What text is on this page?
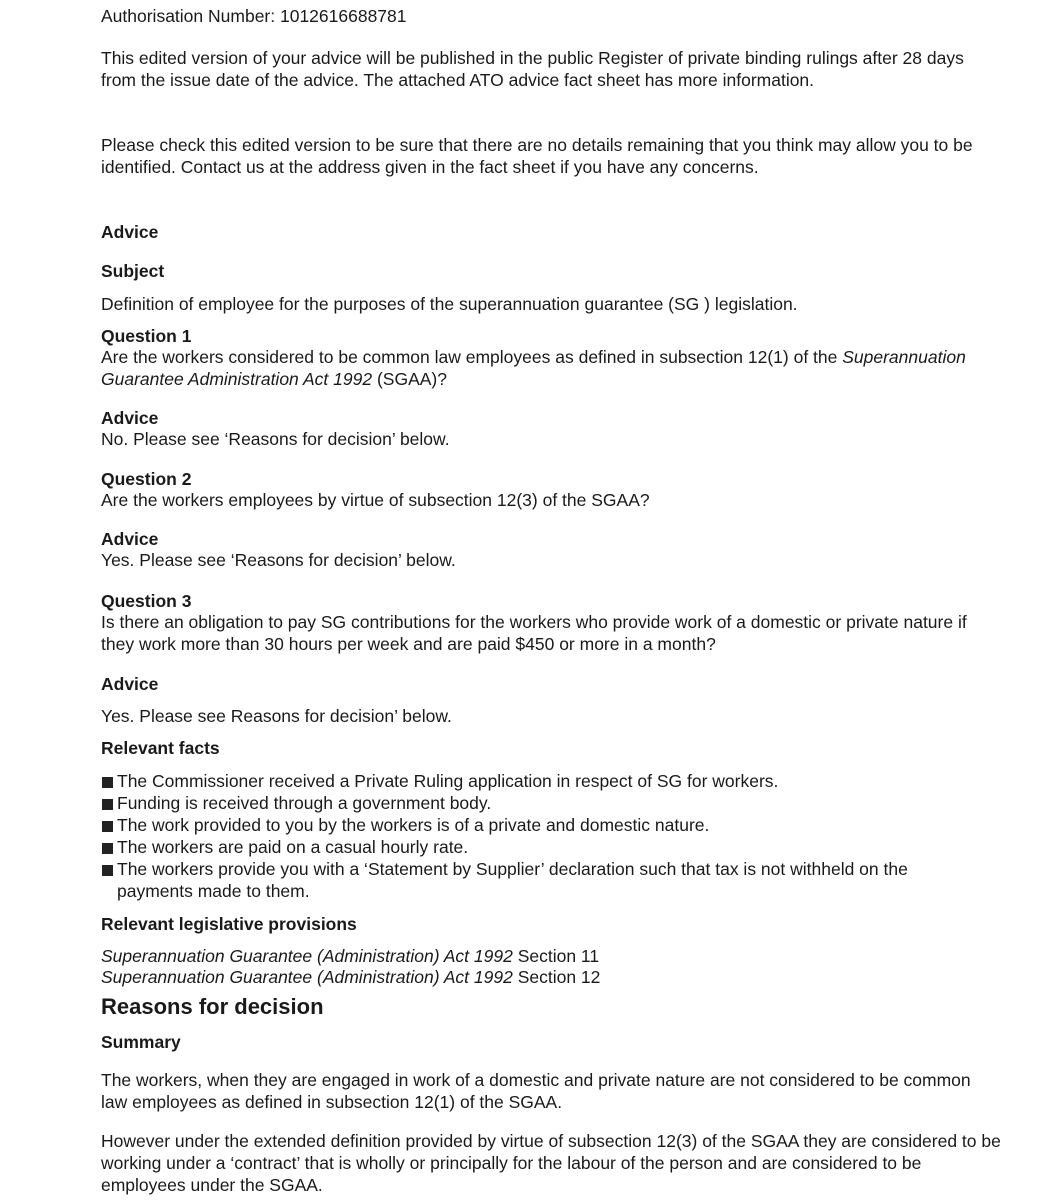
Authorisation Number: 1012616688781

This edited version of your advice will be published in the public Register of private binding rulings after 28 days from the issue date of the advice. The attached ATO advice fact sheet has more information.

Please check this edited version to be sure that there are no details remaining that you think may allow you to be identified. Contact us at the address given in the fact sheet if you have any concerns.

Advice

Subject

Definition of employee for the purposes of the superannuation guarantee (SG ) legislation.

Question 1

Are the workers considered to be common law employees as defined in subsection 12(1) of the Superannuation Guarantee Administration Act 1992 (SGAA)?

Advice

No. Please see ‘Reasons for decision’ below.

Question 2

Are the workers employees by virtue of subsection 12(3) of the SGAA?

Advice

Yes. Please see ‘Reasons for decision’ below.

Question 3

Is there an obligation to pay SG contributions for the workers who provide work of a domestic or private nature if they work more than 30 hours per week and are paid $450 or more in a month?

Advice

Yes. Please see Reasons for decision’ below.

Relevant facts

The Commissioner received a Private Ruling application in respect of SG for workers.
Funding is received through a government body.
The work provided to you by the workers is of a private and domestic nature.
The workers are paid on a casual hourly rate.
The workers provide you with a ‘Statement by Supplier’ declaration such that tax is not withheld on the payments made to them.

Relevant legislative provisions

Superannuation Guarantee (Administration) Act 1992 Section 11

Superannuation Guarantee (Administration) Act 1992 Section 12

Reasons for decision

Summary

The workers, when they are engaged in work of a domestic and private nature are not considered to be common law employees as defined in subsection 12(1) of the SGAA.

However under the extended definition provided by virtue of subsection 12(3) of the SGAA they are considered to be working under a ‘contract’ that is wholly or principally for the labour of the person and are considered to be employees under the SGAA.
